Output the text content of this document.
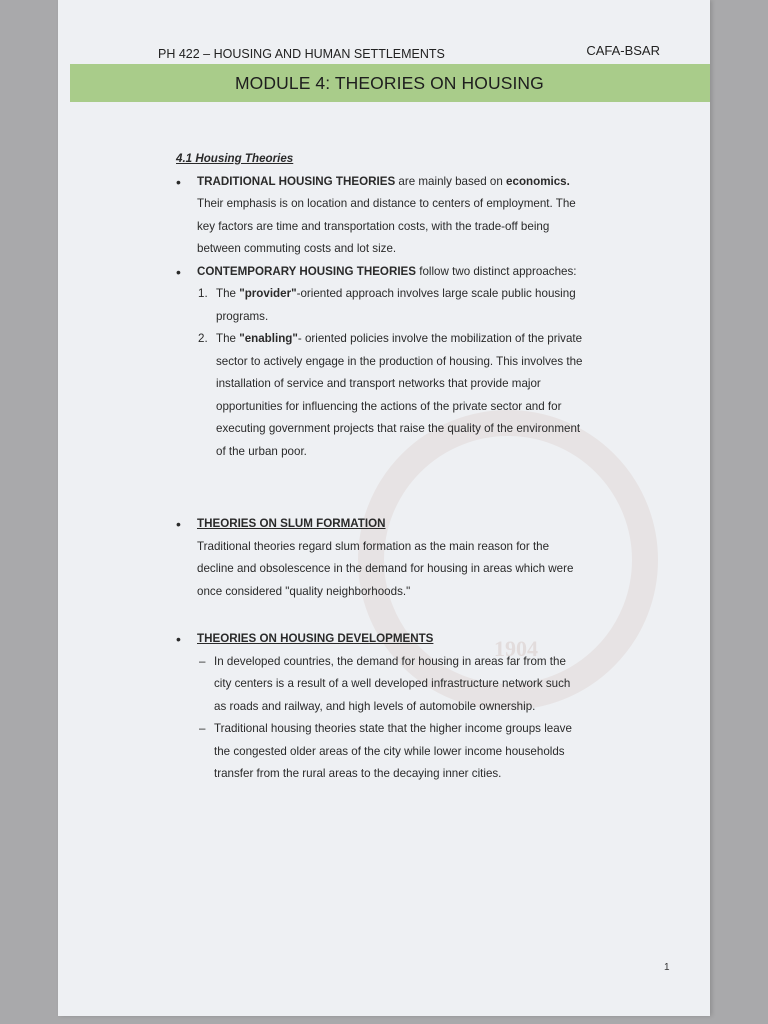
1904
PH 422 – HOUSING AND HUMAN SETTLEMENTS	CAFA-BSAR
MODULE 4: THEORIES ON HOUSING
4.1 Housing Theories
• TRADITIONAL HOUSING THEORIES are mainly based on economics.
Their emphasis is on location and distance to centers of employment. The
key factors are time and transportation costs, with the trade-off being
between commuting costs and lot size.
• CONTEMPORARY HOUSING THEORIES follow two distinct approaches:
1. The "provider"-oriented approach involves large scale public housing
programs.
2. The "enabling"- oriented policies involve the mobilization of the private
sector to actively engage in the production of housing. This involves the
installation of service and transport networks that provide major
opportunities for influencing the actions of the private sector and for
executing government projects that raise the quality of the environment
of the urban poor.
• THEORIES ON SLUM FORMATION
Traditional theories regard slum formation as the main reason for the
decline and obsolescence in the demand for housing in areas which were
once considered "quality neighborhoods."
• THEORIES ON HOUSING DEVELOPMENTS
– In developed countries, the demand for housing in areas far from the
city centers is a result of a well developed infrastructure network such
as roads and railway, and high levels of automobile ownership.
– Traditional housing theories state that the higher income groups leave
the congested older areas of the city while lower income households
transfer from the rural areas to the decaying inner cities.
1
